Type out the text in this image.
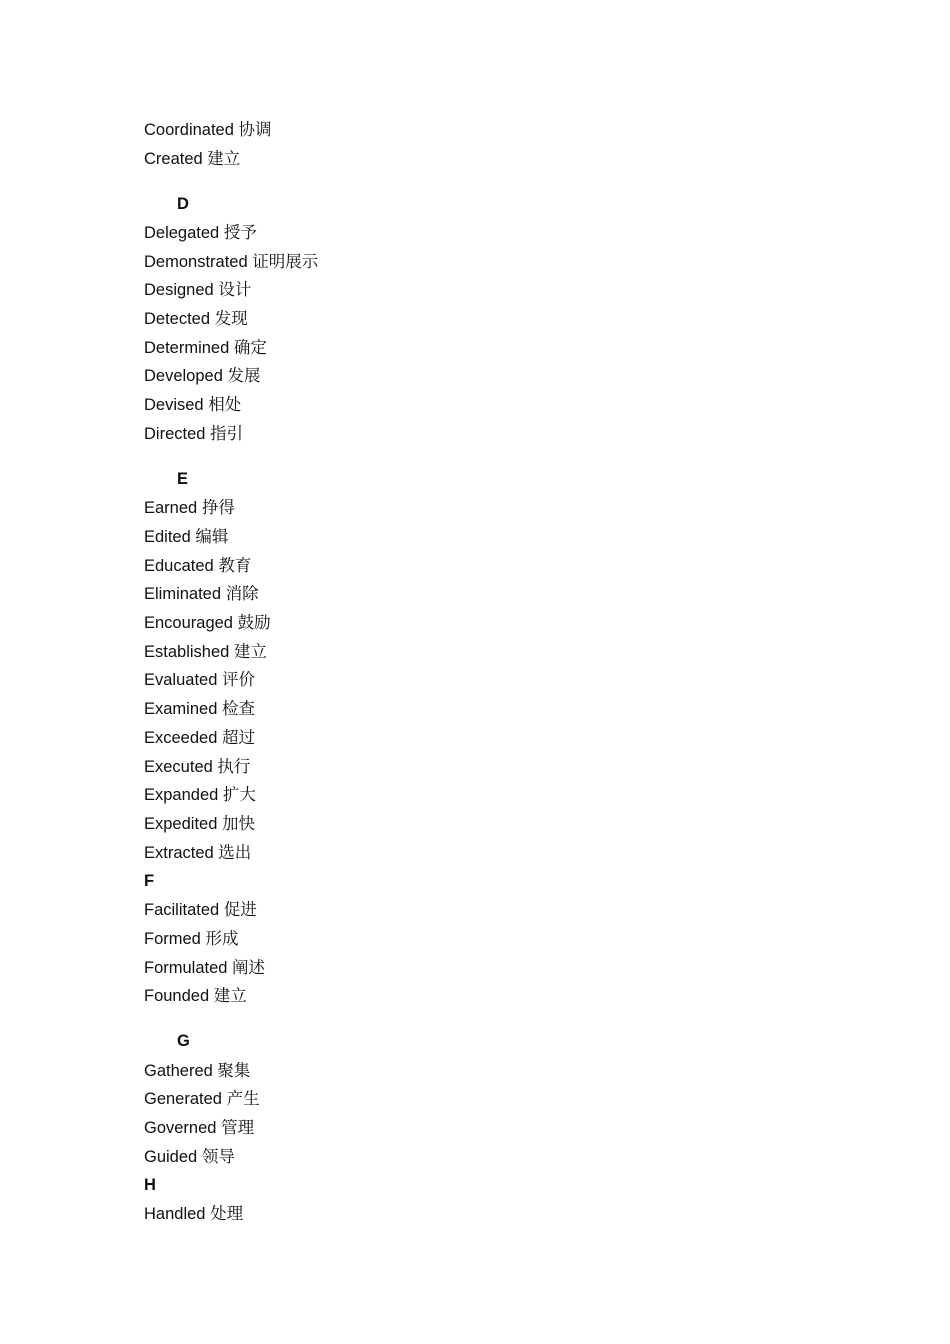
Coordinated 协调
Created 建立
D
Delegated 授予
Demonstrated 证明展示
Designed 设计
Detected 发现
Determined 确定
Developed 发展
Devised 相处
Directed 指引
E
Earned 挣得
Edited 编辑
Educated 教育
Eliminated 消除
Encouraged 鼓励
Established 建立
Evaluated 评价
Examined 检查
Exceeded 超过
Executed 执行
Expanded 扩大
Expedited 加快
Extracted 选出
F
Facilitated 促进
Formed 形成
Formulated 阐述
Founded 建立
G
Gathered 聚集
Generated 产生
Governed 管理
Guided 领导
H
Handled 处理
